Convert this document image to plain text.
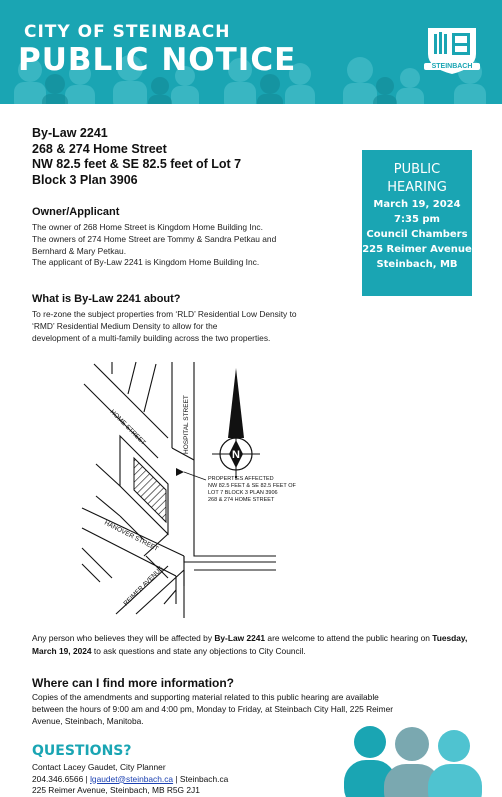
CITY OF STEINBACH
PUBLIC NOTICE	STEINBACH
By-Law 2241
268 & 274 Home Street
NW 82.5 feet & SE 82.5 feet of Lot 7
Block 3 Plan 3906
PUBLIC
HEARING
March 19, 2024
7:35 pm
Council Chambers
225 Reimer Avenue
Steinbach, MB
Owner/Applicant
The owner of 268 Home Street is Kingdom Home Building Inc.
The owners of 274 Home Street are Tommy & Sandra Petkau and
Bernhard & Mary Petkau.
The applicant of By-Law 2241 is Kingdom Home Building Inc.
What is By-Law 2241 about?
To re-zone the subject properties from ‘RLD’ Residential Low Density to
‘RMD’ Residential Medium Density to allow for the
development of a multi-family building across the two properties.
N
HOME STREET	HOSPITAL STREET
HANOVER STREET
REIMER AVENUE
PROPERTIES AFFECTED
NW 82.5 FEET & SE 82.5 FEET OF
LOT 7 BLOCK 3 PLAN 3906
268 & 274 HOME STREET
Any person who believes they will be affected by By-Law 2241 are welcome to attend the public hearing on Tuesday, March 19, 2024 to ask questions and state any objections to City Council.
Where can I find more information?
Copies of the amendments and supporting material related to this public hearing are available
between the hours of 9:00 am and 4:00 pm, Monday to Friday, at Steinbach City Hall, 225 Reimer
Avenue, Steinbach, Manitoba.
QUESTIONS?
Contact Lacey Gaudet, City Planner
204.346.6566 | lgaudet@steinbach.ca | Steinbach.ca
225 Reimer Avenue, Steinbach, MB R5G 2J1
